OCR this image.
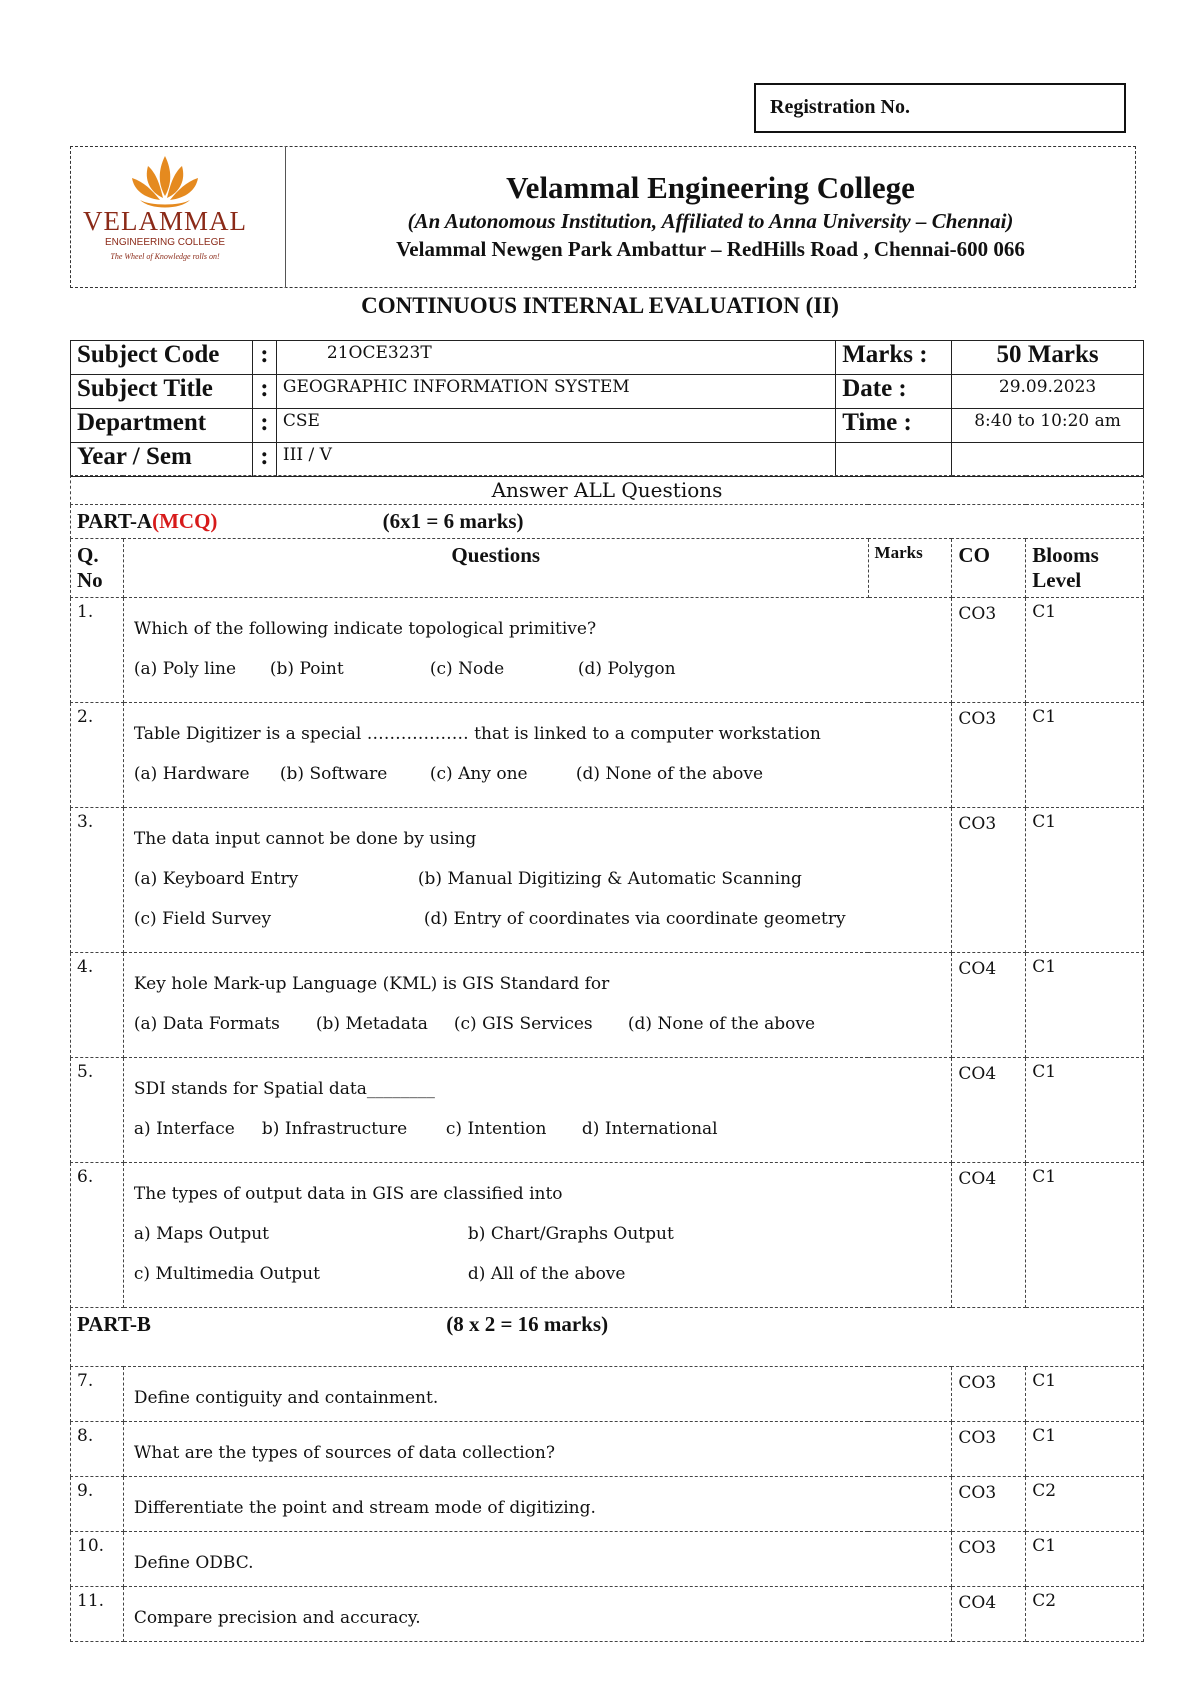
Registration No.
VELAMMAL
ENGINEERING COLLEGE
The Wheel of Knowledge rolls on!
Velammal Engineering College
(An Autonomous Institution, Affiliated to Anna University – Chennai)
Velammal Newgen Park Ambattur – RedHills Road , Chennai-600 066
CONTINUOUS INTERNAL EVALUATION (II)
Subject Code	:	21OCE323T	Marks :	50 Marks
Subject Title	:	GEOGRAPHIC INFORMATION SYSTEM	Date :	29.09.2023
Department	:	CSE	Time :	8:40 to 10:20 am
Year / Sem	:	III / V		
Answer ALL Questions				
PART-A(MCQ) (6x1 = 6 marks)				
Q. No	Questions	Marks	CO	Blooms Level
1.	Which of the following indicate topological primitive?
(a) Poly line (b) Point (c) Node (d) Polygon		CO3	C1
2.	Table Digitizer is a special ……………… that is linked to a computer workstation
(a) Hardware (b) Software (c) Any one (d) None of the above		CO3	C1
3.	The data input cannot be done by using
(a) Keyboard Entry (b) Manual Digitizing & Automatic Scanning
(c) Field Survey (d) Entry of coordinates via coordinate geometry		CO3	C1
4.	Key hole Mark-up Language (KML) is GIS Standard for
(a) Data Formats (b) Metadata (c) GIS Services (d) None of the above		CO4	C1
5.	SDI stands for Spatial data________
a) Interface b) Infrastructure c) Intention d) International		CO4	C1
6.	The types of output data in GIS are classified into
a) Maps Output b) Chart/Graphs Output
c) Multimedia Output d) All of the above		CO4	C1
PART-B (8 x 2 = 16 marks)				
7.	Define contiguity and containment.		CO3	C1
8.	What are the types of sources of data collection?		CO3	C1
9.	Differentiate the point and stream mode of digitizing.		CO3	C2
10.	Define ODBC.		CO3	C1
11.	Compare precision and accuracy.		CO4	C2
